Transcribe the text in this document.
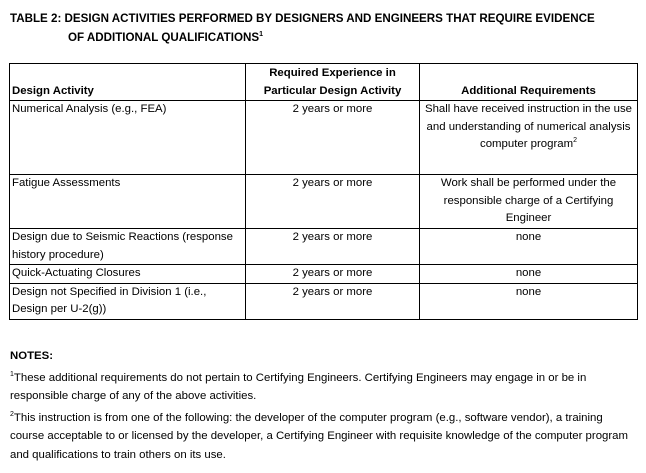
TABLE 2: DESIGN ACTIVITIES PERFORMED BY DESIGNERS AND ENGINEERS THAT REQUIRE EVIDENCE
OF ADDITIONAL QUALIFICATIONS$^1$
Design Activity	Required Experience in Particular Design Activity	Additional Requirements
Numerical Analysis (e.g., FEA)	2 years or more	Shall have received instruction in the use and understanding of numerical analysis computer program$^2$
Fatigue Assessments	2 years or more	Work shall be performed under the responsible charge of a Certifying Engineer
Design due to Seismic Reactions (response history procedure)	2 years or more	none
Quick-Actuating Closures	2 years or more	none
Design not Specified in Division 1 (i.e., Design per U-2(g))	2 years or more	none
NOTES:

$^1$These additional requirements do not pertain to Certifying Engineers. Certifying Engineers may engage in or be in responsible charge of any of the above activities.

$^2$This instruction is from one of the following: the developer of the computer program (e.g., software vendor), a training course acceptable to or licensed by the developer, a Certifying Engineer with requisite knowledge of the computer program and qualifications to train others on its use.
